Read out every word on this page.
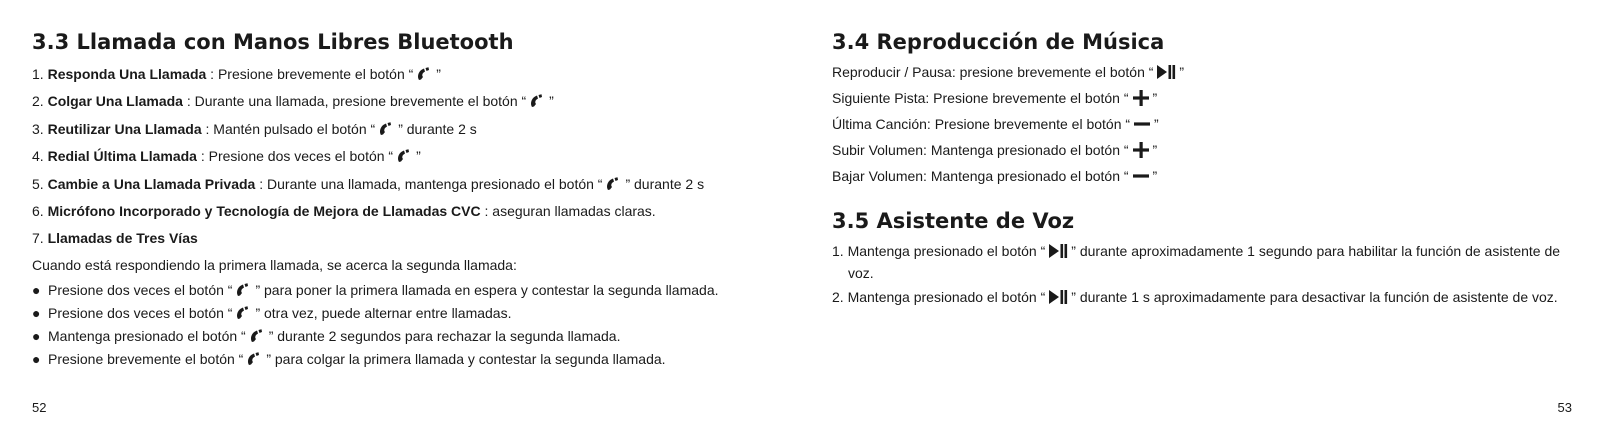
3.3 Llamada con Manos Libres Bluetooth
1. Responda Una Llamada : Presione brevemente el botón “ ”
2. Colgar Una Llamada : Durante una llamada, presione brevemente el botón “ ”
3. Reutilizar Una Llamada : Mantén pulsado el botón “ ” durante 2 s
4. Redial Última Llamada : Presione dos veces el botón “ ”
5. Cambie a Una Llamada Privada : Durante una llamada, mantenga presionado el botón “ ” durante 2 s
6. Micrófono Incorporado y Tecnología de Mejora de Llamadas CVC : aseguran llamadas claras.
7. Llamadas de Tres Vías
Cuando está respondiendo la primera llamada, se acerca la segunda llamada:
● Presione dos veces el botón “ ” para poner la primera llamada en espera y contestar la segunda llamada.
● Presione dos veces el botón “ ” otra vez, puede alternar entre llamadas.
● Mantenga presionado el botón “ ” durante 2 segundos para rechazar la segunda llamada.
● Presione brevemente el botón “ ” para colgar la primera llamada y contestar la segunda llamada.
52
3.4 Reproducción de Música
Reproducir / Pausa: presione brevemente el botón “ ”
Siguiente Pista: Presione brevemente el botón “ ”
Última Canción: Presione brevemente el botón “ ”
Subir Volumen: Mantenga presionado el botón “ ”
Bajar Volumen: Mantenga presionado el botón “ ”
3.5 Asistente de Voz
1. Mantenga presionado el botón “ ” durante aproximadamente 1 segundo para habilitar la función de asistente de voz.
2. Mantenga presionado el botón “ ” durante 1 s aproximadamente para desactivar la función de asistente de voz.
53
